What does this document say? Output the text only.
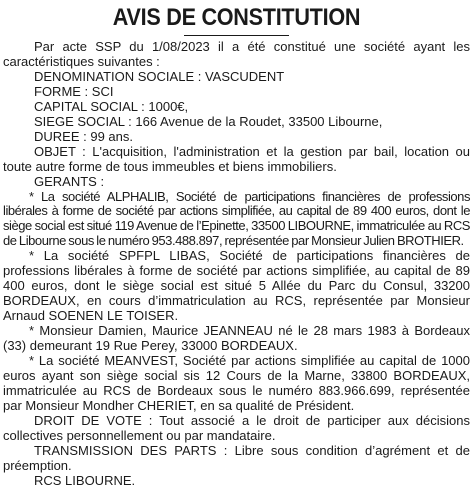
AVIS DE CONSTITUTION

Par acte SSP du 1/08/2023 il a été constitué une société ayant les caractéristiques suivantes :

DENOMINATION SOCIALE : VASCUDENT

FORME : SCI

CAPITAL SOCIAL : 1000€,

SIEGE SOCIAL : 166 Avenue de la Roudet, 33500 Libourne,

DUREE : 99 ans.

OBJET : L'acquisition, l'administration et la gestion par bail, location ou toute autre forme de tous immeubles et biens immobiliers.

GERANTS :

* La société ALPHALIB, Société de participations financières de professions libérales à forme de société par actions simplifiée, au capital de 89 400 euros, dont le siège social est situé 119 Avenue de l’Epinette, 33500 LIBOURNE, immatriculée au RCS de Libourne sous le numéro 953.488.897, représentée par Monsieur Julien BROTHIER.

* La société SPFPL LIBAS, Société de participations financières de professions libérales à forme de société par actions simplifiée, au capital de 89 400 euros, dont le siège social est situé 5 Allée du Parc du Consul, 33200 BORDEAUX, en cours d’immatriculation au RCS, représentée par Monsieur Arnaud SOENEN LE TOISER.

* Monsieur Damien, Maurice JEANNEAU né le 28 mars 1983 à Bordeaux (33) demeurant 19 Rue Perey, 33000 BORDEAUX.

* La société MEANVEST, Société par actions simplifiée au capital de 1000 euros ayant son siège social sis 12 Cours de la Marne, 33800 BORDEAUX, immatriculée au RCS de Bordeaux sous le numéro 883.966.699, représentée par Monsieur Mondher CHERIET, en sa qualité de Président.

DROIT DE VOTE : Tout associé a le droit de participer aux décisions collectives personnellement ou par mandataire.

TRANSMISSION DES PARTS : Libre sous condition d’agrément et de préemption.

RCS LIBOURNE.
